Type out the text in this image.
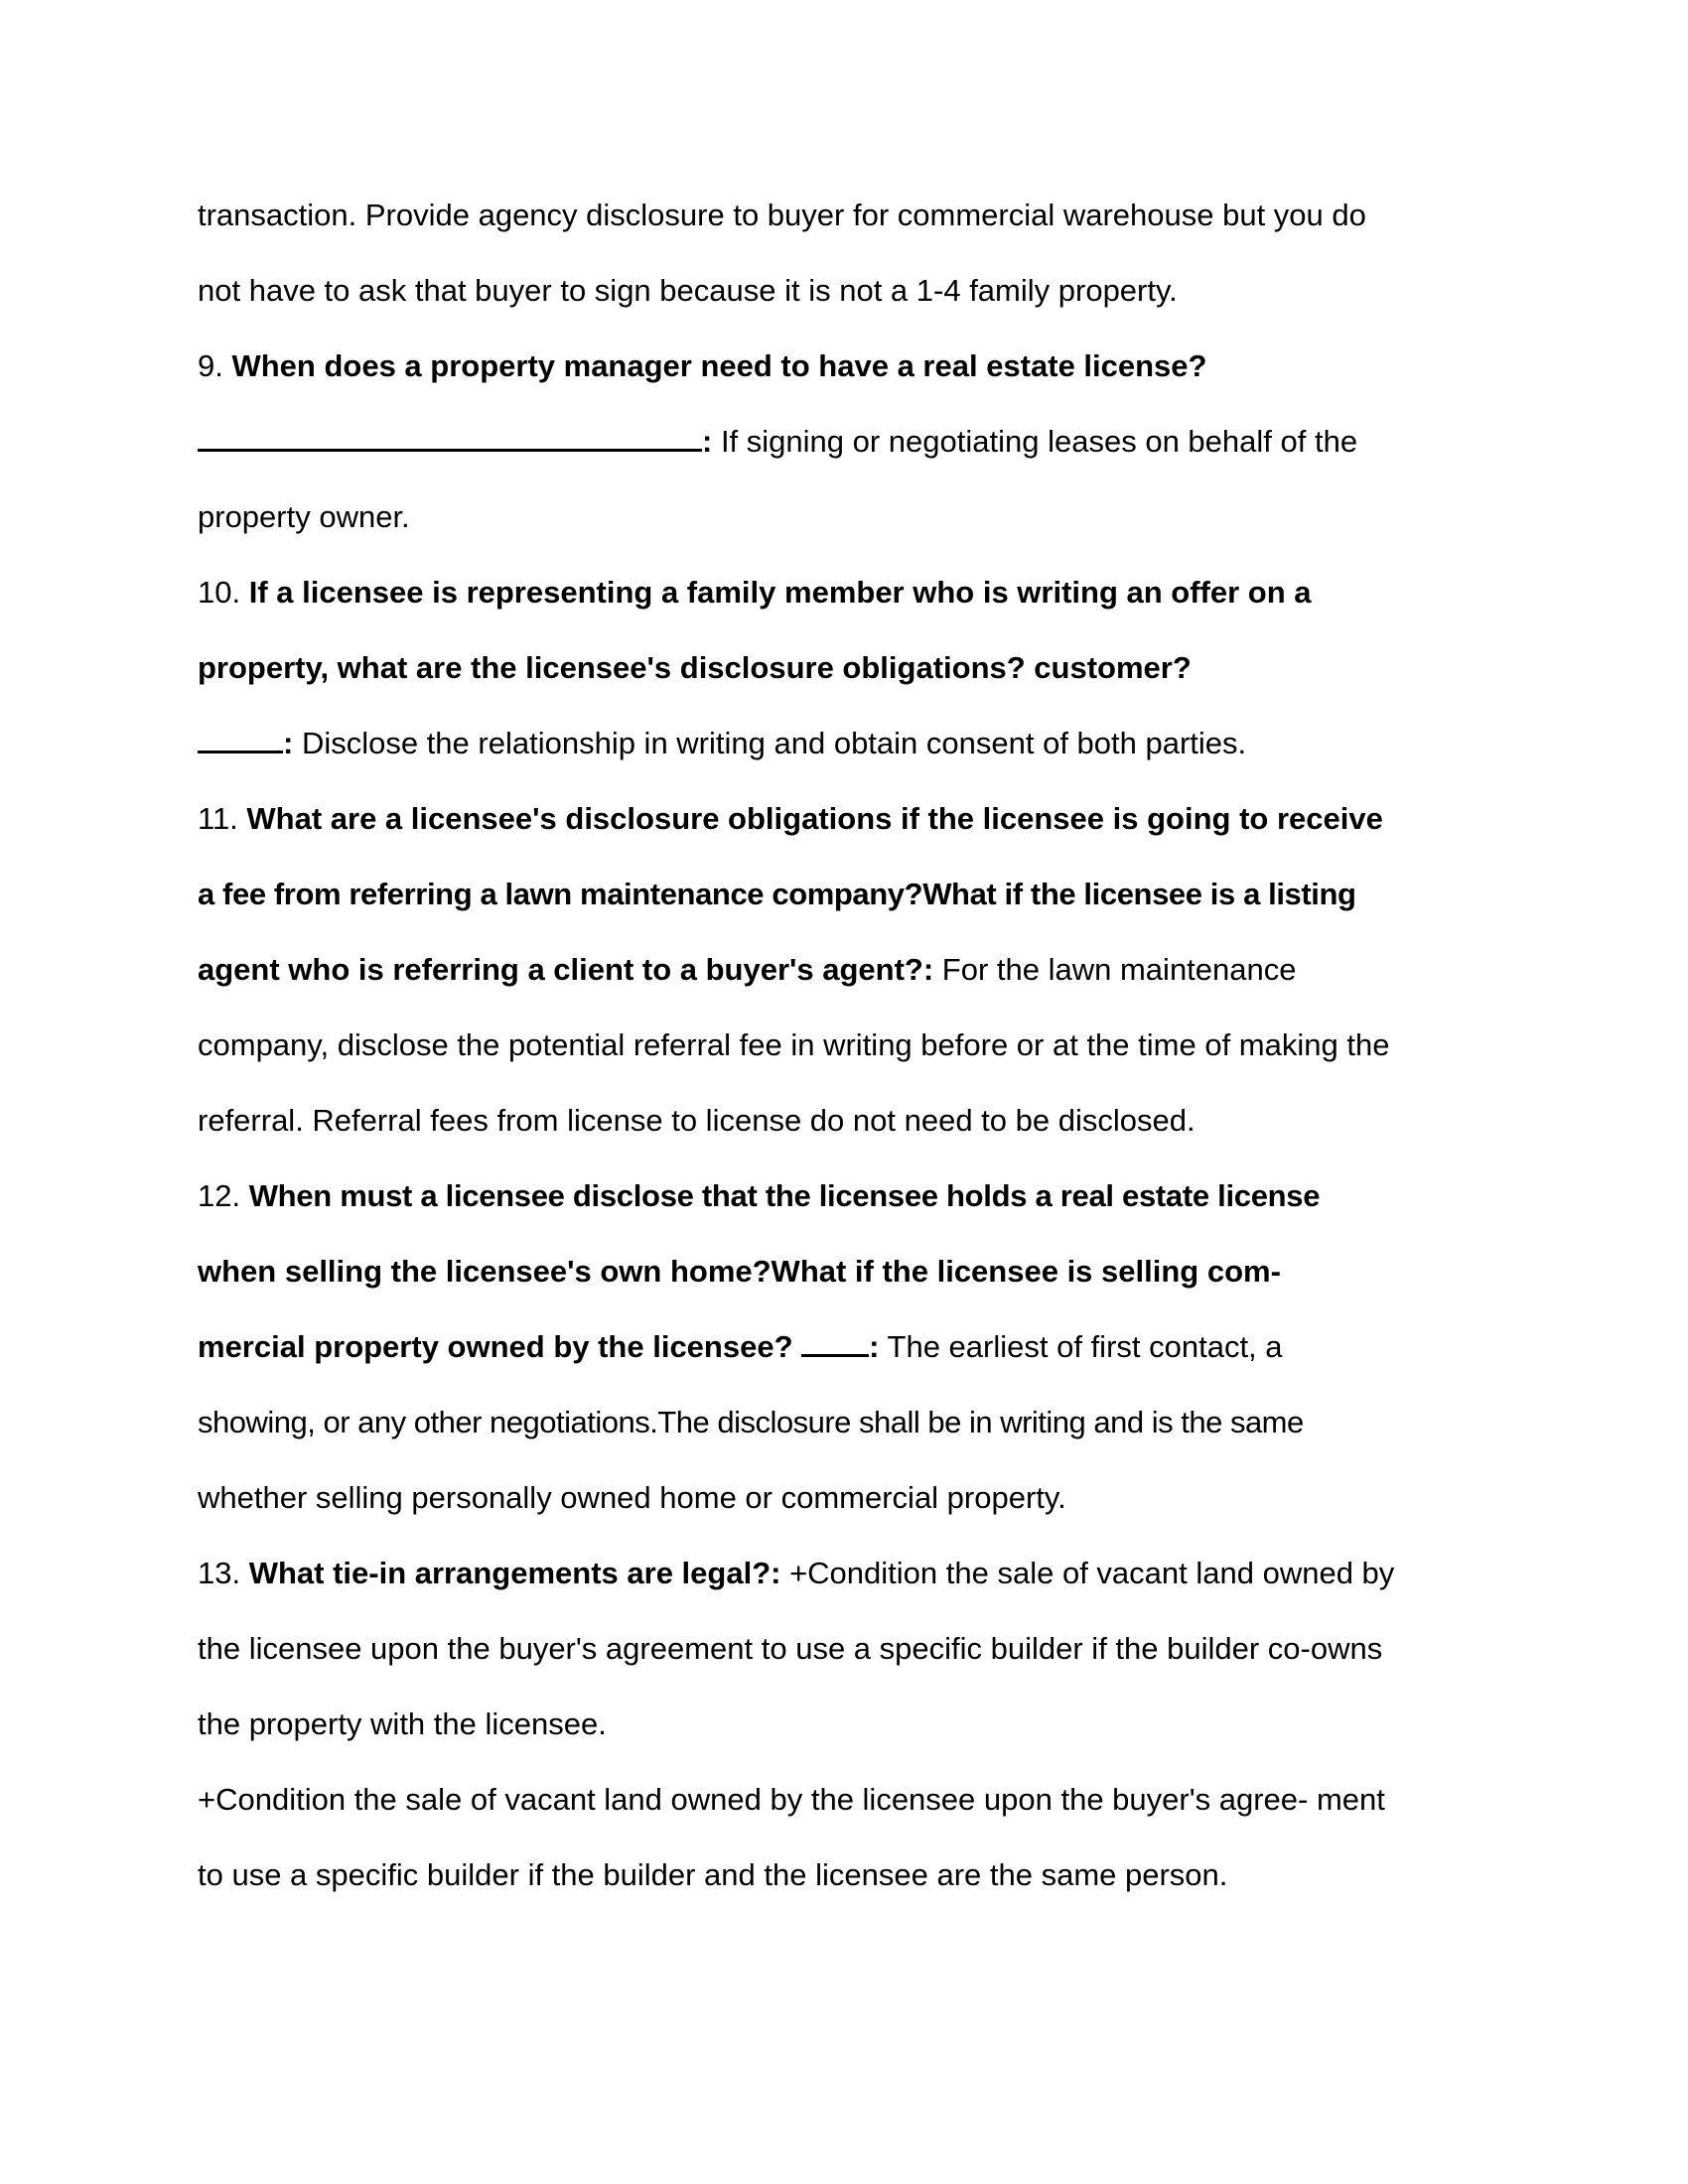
transaction. Provide agency disclosure to buyer for commercial warehouse but you do
not have to ask that buyer to sign because it is not a 1-4 family property.
9. When does a property manager need to have a real estate license?
: If signing or negotiating leases on behalf of the
property owner.
10. If a licensee is representing a family member who is writing an offer on a
property, what are the licensee's disclosure obligations? customer?
: Disclose the relationship in writing and obtain consent of both parties.
11. What are a licensee's disclosure obligations if the licensee is going to receive
a fee from referring a lawn maintenance company?What if the licensee is a listing
agent who is referring a client to a buyer's agent?: For the lawn maintenance
company, disclose the potential referral fee in writing before or at the time of making the
referral. Referral fees from license to license do not need to be disclosed.
12. When must a licensee disclose that the licensee holds a real estate license
when selling the licensee's own home?What if the licensee is selling com-
mercial property owned by the licensee? : The earliest of first contact, a
showing, or any other negotiations.The disclosure shall be in writing and is the same
whether selling personally owned home or commercial property.
13. What tie-in arrangements are legal?: +Condition the sale of vacant land owned by
the licensee upon the buyer's agreement to use a specific builder if the builder co-owns
the property with the licensee.
+Condition the sale of vacant land owned by the licensee upon the buyer's agree- ment
to use a specific builder if the builder and the licensee are the same person.
